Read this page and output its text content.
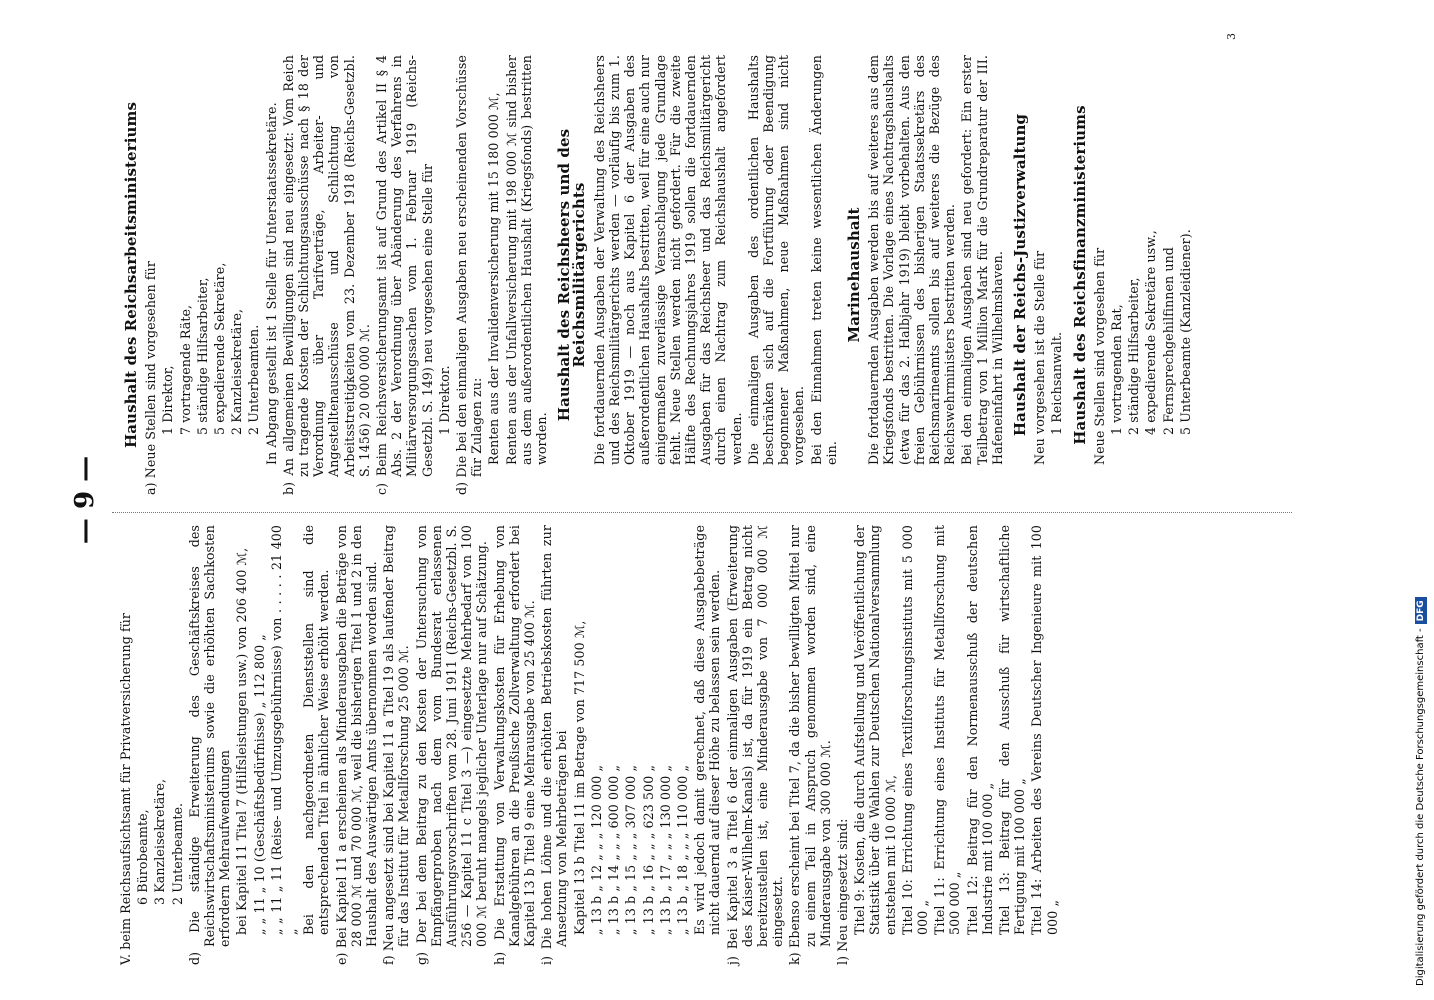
— 9 —

V. beim Reichsaufsichtsamt für Privatversicherung für 6 Bürobeamte, 3 Kanzleisekretäre, 2 Unterbeamte. d) Die ständige Erweiterung des Geschäftskreises des Reichswirtschaftsministeriums sowie die erhöhten Sachkosten erfordern Mehraufwendungen bei Kapitel 11 Titel 7 (Hilfsleistungen usw.) von 206 400 ℳ, „ „ 11 „ 10 (Geschäftsbedürfnisse) „ 112 800 „ „ „ 11 „ 11 (Reise- und Umzugsgebührnisse) von . . . . . 21 400 „ Bei den nachgeordneten Dienststellen sind die entsprechenden Titel in ähnlicher Weise erhöht werden. e) Bei Kapitel 11 a erscheinen als Minderausgaben die Beträge von 28 000 ℳ und 70 000 ℳ, weil die bisherigen Titel 1 und 2 in den Haushalt des Auswärtigen Amts übernommen worden sind. f) Neu angesetzt sind bei Kapitel 11 a Titel 19 als laufender Beitrag für das Institut für Metallforschung 25 000 ℳ. g) Der bei dem Beitrag zu den Kosten der Untersuchung von Empfängerproben nach dem vom Bundesrat erlassenen Ausführungsvorschriften vom 28. Juni 1911 (Reichs-Gesetzbl. S. 256 — Kapitel 11 c Titel 3 —) eingesetzte Mehrbedarf von 100 000 ℳ beruht mangels jeglicher Unterlage nur auf Schätzung. h) Die Erstattung von Verwaltungskosten für Erhebung von Kanalgebühren an die Preußische Zollverwaltung erfordert bei Kapitel 13 b Titel 9 eine Mehrausgabe von 25 400 ℳ. i) Die hohen Löhne und die erhöhten Betriebskosten führten zur Ansetzung von Mehrbeträgen bei Kapitel 13 b Titel 11 im Betrage von 717 500 ℳ, „ 13 b „ 12 „ „ „ 120 000 „ „ 13 b „ 14 „ „ „ 600 000 „ „ 13 b „ 15 „ „ „ 307 000 „ „ 13 b „ 16 „ „ „ 623 500 „ „ 13 b „ 17 „ „ „ 130 000 „ „ 13 b „ 18 „ „ „ 110 000 „ Es wird jedoch damit gerechnet, daß diese Ausgabebeträge nicht dauernd auf dieser Höhe zu belassen sein werden. j) Bei Kapitel 3 a Titel 6 der einmaligen Ausgaben (Erweiterung des Kaiser-Wilhelm-Kanals) ist, da für 1919 ein Betrag nicht bereitzustellen ist, eine Minderausgabe von 7 000 000 ℳ eingesetzt. k) Ebenso erscheint bei Titel 7, da die bisher bewilligten Mittel nur zu einem Teil in Anspruch genommen worden sind, eine Minderausgabe von 300 000 ℳ. l) Neu eingesetzt sind: Titel 9: Kosten, die durch Aufstellung und Veröffentlichung der Statistik über die Wahlen zur Deutschen Nationalversammlung entstehen mit 10 000 ℳ, Titel 10: Errichtung eines Textilforschungsinstituts mit 5 000 000 „ Titel 11: Errichtung eines Instituts für Metallforschung mit 500 000 „ Titel 12: Beitrag für den Normenausschuß der deutschen Industrie mit 100 000 „ Titel 13: Beitrag für den Ausschuß für wirtschaftliche Fertigung mit 100 000 „ Titel 14: Arbeiten des Vereins Deutscher Ingenieure mit 100 000 „

Haushalt des Reichsarbeitsministeriums a) Neue Stellen sind vorgesehen für 1 Direktor, 7 vortragende Räte, 5 ständige Hilfsarbeiter, 5 expedierende Sekretäre, 2 Kanzleisekretäre, 2 Unterbeamten. In Abgang gestellt ist 1 Stelle für Unterstaatssekretäre. b) An allgemeinen Bewilligungen sind neu eingesetzt: Vom Reich zu tragende Kosten der Schlichtungsausschüsse nach § 18 der Verordnung über Tarifverträge, Arbeiter- und Angestelltenausschüsse und Schlichtung von Arbeitsstreitigkeiten vom 23. Dezember 1918 (Reichs-Gesetzbl. S. 1456) 20 000 000 ℳ. c) Beim Reichsversicherungsamt ist auf Grund des Artikel II § 4 Abs. 2 der Verordnung über Abänderung des Verfahrens in Militärversorgungssachen vom 1. Februar 1919 (Reichs-Gesetzbl. S. 149) neu vorgesehen eine Stelle für 1 Direktor. d) Die bei den einmaligen Ausgaben neu erscheinenden Vorschüsse für Zulagen zu: Renten aus der Invalidenversicherung mit 15 180 000 ℳ, Renten aus der Unfallversicherung mit 198 000 ℳ sind bisher aus dem außerordentlichen Haushalt (Kriegsfonds) bestritten worden.

Haushalt des Reichsheers und des Reichsmilitärgerichts Die fortdauernden Ausgaben der Verwaltung des Reichsheers und des Reichsmilitärgerichts werden — vorläufig bis zum 1. Oktober 1919 — noch aus Kapitel 6 der Ausgaben des außerordentlichen Haushalts bestritten, weil für eine auch nur einigermaßen zuverlässige Veranschlagung jede Grundlage fehlt. Neue Stellen werden nicht gefordert. Für die zweite Hälfte des Rechnungsjahres 1919 sollen die fortdauernden Ausgaben für das Reichsheer und das Reichsmilitärgericht durch einen Nachtrag zum Reichshaushalt angefordert werden. Die einmaligen Ausgaben des ordentlichen Haushalts beschränken sich auf die Fortführung oder Beendigung begonnener Maßnahmen, neue Maßnahmen sind nicht vorgesehen. Bei den Einnahmen treten keine wesentlichen Änderungen ein.

Marinehaushalt Die fortdauernden Ausgaben werden bis auf weiteres aus dem Kriegsfonds bestritten. Die Vorlage eines Nachtragshaushalts (etwa für das 2. Halbjahr 1919) bleibt vorbehalten. Aus den freien Gebührnissen des bisherigen Staatssekretärs des Reichsmarineamts sollen bis auf weiteres die Bezüge des Reichswehrministers bestritten werden. Bei den einmaligen Ausgaben sind neu gefordert: Ein erster Teilbetrag von 1 Million Mark für die Grundreparatur der III. Hafeneinfahrt in Wilhelmshaven. Haushalt der Reichs-Justizverwaltung Neu vorgesehen ist die Stelle für 1 Reichsanwalt. Haushalt des Reichsfinanzministeriums Neue Stellen sind vorgesehen für 1 vortragenden Rat, 2 ständige Hilfsarbeiter, 4 expedierende Sekretäre usw., 2 Fernsprechgehilfinnen und 5 Unterbeamte (Kanzleidiener).

3
Digitalisierung gefördert durch die Deutsche Forschungsgemeinschaft -DFG
